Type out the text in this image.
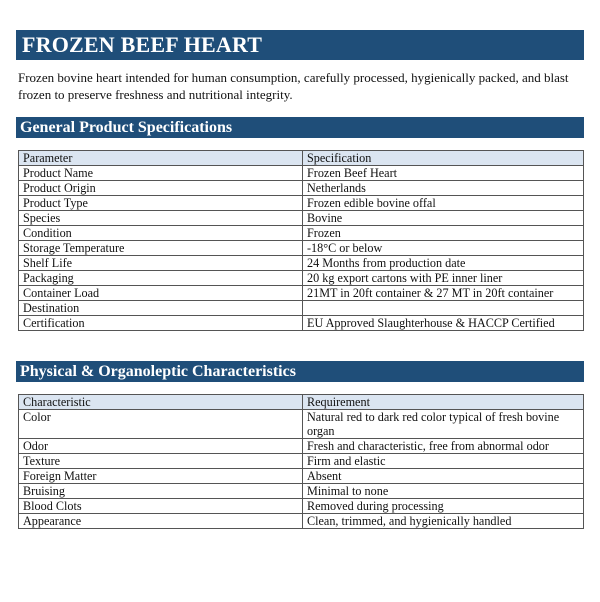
FROZEN BEEF HEART
Frozen bovine heart intended for human consumption, carefully processed, hygienically packed, and blast frozen to preserve freshness and nutritional integrity.
General Product Specifications
Parameter	Specification
Product Name	Frozen Beef Heart
Product Origin	Netherlands
Product Type	Frozen edible bovine offal
Species	Bovine
Condition	Frozen
Storage Temperature	-18°C or below
Shelf Life	24 Months from production date
Packaging	20 kg export cartons with PE inner liner
Container Load	21MT in 20ft container & 27 MT in 20ft container
Destination	
Certification	EU Approved Slaughterhouse & HACCP Certified
Physical & Organoleptic Characteristics
Characteristic	Requirement
Color	Natural red to dark red color typical of fresh bovine organ
Odor	Fresh and characteristic, free from abnormal odor
Texture	Firm and elastic
Foreign Matter	Absent
Bruising	Minimal to none
Blood Clots	Removed during processing
Appearance	Clean, trimmed, and hygienically handled
